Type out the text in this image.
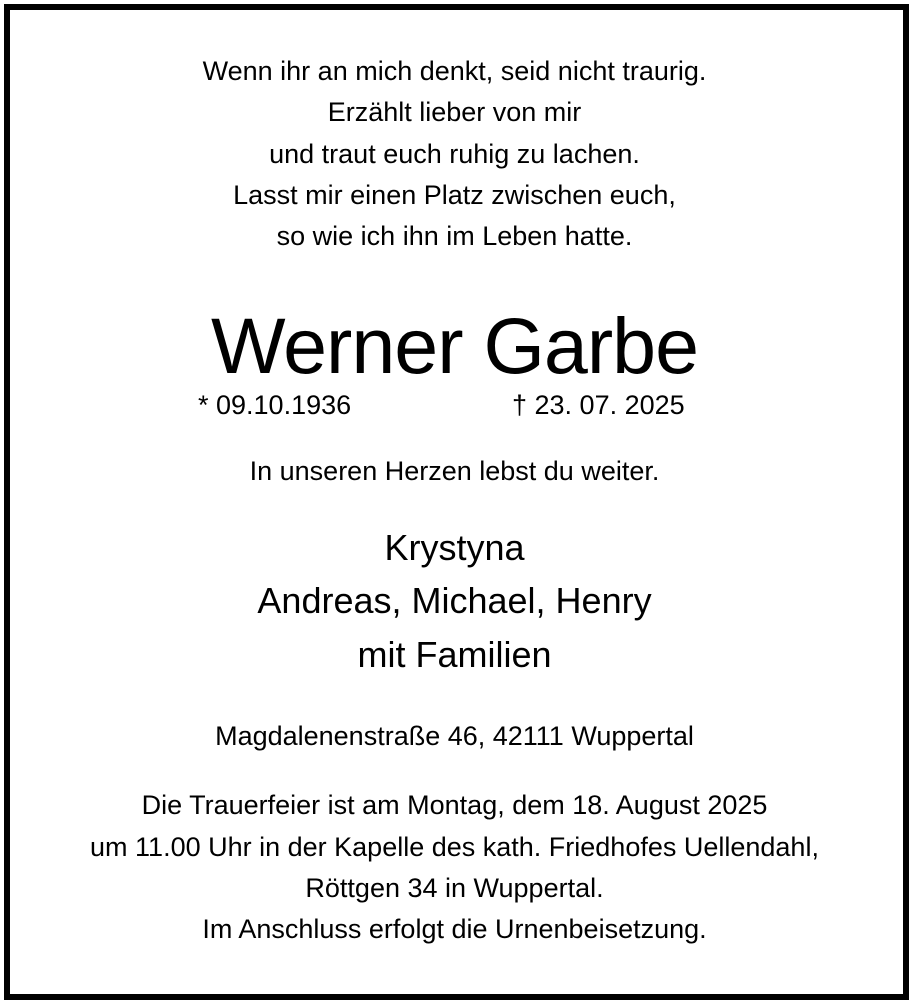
Wenn ihr an mich denkt, seid nicht traurig.
Erzählt lieber von mir
und traut euch ruhig zu lachen.
Lasst mir einen Platz zwischen euch,
so wie ich ihn im Leben hatte.
Werner Garbe
* 09.10.1936	† 23. 07. 2025
In unseren Herzen lebst du weiter.
Krystyna
Andreas, Michael, Henry
mit Familien
Magdalenenstraße 46, 42111 Wuppertal
Die Trauerfeier ist am Montag, dem 18. August 2025
um 11.00 Uhr in der Kapelle des kath. Friedhofes Uellendahl,
Röttgen 34 in Wuppertal.
Im Anschluss erfolgt die Urnenbeisetzung.
